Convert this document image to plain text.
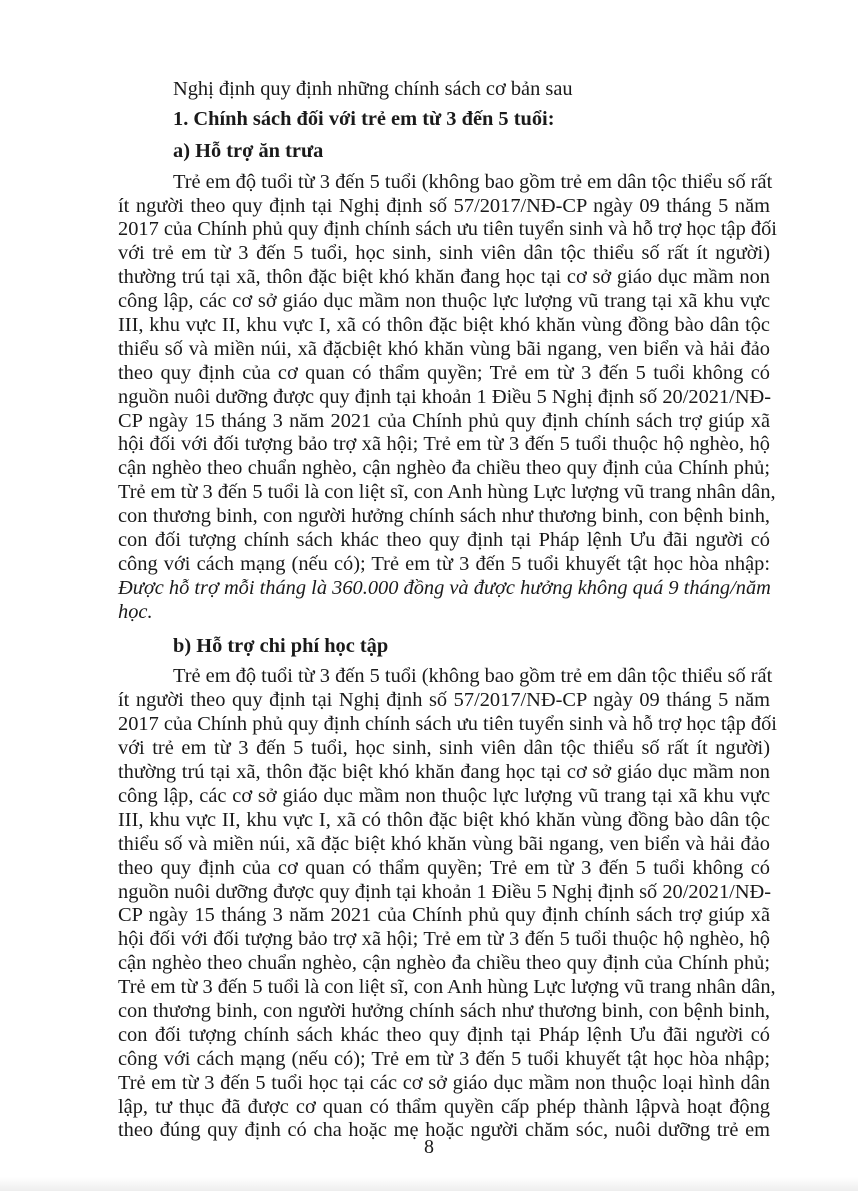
Nghị định quy định những chính sách cơ bản sau
1. Chính sách đối với trẻ em từ 3 đến 5 tuổi:
a) Hỗ trợ ăn trưa
Trẻ em độ tuổi từ 3 đến 5 tuổi (không bao gồm trẻ em dân tộc thiểu số rất
ít người theo quy định tại Nghị định số 57/2017/NĐ-CP ngày 09 tháng 5 năm
2017 của Chính phủ quy định chính sách ưu tiên tuyển sinh và hỗ trợ học tập đối
với trẻ em từ 3 đến 5 tuổi, học sinh, sinh viên dân tộc thiểu số rất ít người)
thường trú tại xã, thôn đặc biệt khó khăn đang học tại cơ sở giáo dục mầm non
công lập, các cơ sở giáo dục mầm non thuộc lực lượng vũ trang tại xã khu vực
III, khu vực II, khu vực I, xã có thôn đặc biệt khó khăn vùng đồng bào dân tộc
thiểu số và miền núi, xã đặcbiệt khó khăn vùng bãi ngang, ven biển và hải đảo
theo quy định của cơ quan có thẩm quyền; Trẻ em từ 3 đến 5 tuổi không có
nguồn nuôi dưỡng được quy định tại khoản 1 Điều 5 Nghị định số 20/2021/NĐ-
CP ngày 15 tháng 3 năm 2021 của Chính phủ quy định chính sách trợ giúp xã
hội đối với đối tượng bảo trợ xã hội; Trẻ em từ 3 đến 5 tuổi thuộc hộ nghèo, hộ
cận nghèo theo chuẩn nghèo, cận nghèo đa chiều theo quy định của Chính phủ;
Trẻ em từ 3 đến 5 tuổi là con liệt sĩ, con Anh hùng Lực lượng vũ trang nhân dân,
con thương binh, con người hưởng chính sách như thương binh, con bệnh binh,
con đối tượng chính sách khác theo quy định tại Pháp lệnh Ưu đãi người có
công với cách mạng (nếu có); Trẻ em từ 3 đến 5 tuổi khuyết tật học hòa nhập:
Được hỗ trợ mỗi tháng là 360.000 đồng và được hưởng không quá 9 tháng/năm
học.
b) Hỗ trợ chi phí học tập
Trẻ em độ tuổi từ 3 đến 5 tuổi (không bao gồm trẻ em dân tộc thiểu số rất
ít người theo quy định tại Nghị định số 57/2017/NĐ-CP ngày 09 tháng 5 năm
2017 của Chính phủ quy định chính sách ưu tiên tuyển sinh và hỗ trợ học tập đối
với trẻ em từ 3 đến 5 tuổi, học sinh, sinh viên dân tộc thiểu số rất ít người)
thường trú tại xã, thôn đặc biệt khó khăn đang học tại cơ sở giáo dục mầm non
công lập, các cơ sở giáo dục mầm non thuộc lực lượng vũ trang tại xã khu vực
III, khu vực II, khu vực I, xã có thôn đặc biệt khó khăn vùng đồng bào dân tộc
thiểu số và miền núi, xã đặc biệt khó khăn vùng bãi ngang, ven biển và hải đảo
theo quy định của cơ quan có thẩm quyền; Trẻ em từ 3 đến 5 tuổi không có
nguồn nuôi dưỡng được quy định tại khoản 1 Điều 5 Nghị định số 20/2021/NĐ-
CP ngày 15 tháng 3 năm 2021 của Chính phủ quy định chính sách trợ giúp xã
hội đối với đối tượng bảo trợ xã hội; Trẻ em từ 3 đến 5 tuổi thuộc hộ nghèo, hộ
cận nghèo theo chuẩn nghèo, cận nghèo đa chiều theo quy định của Chính phủ;
Trẻ em từ 3 đến 5 tuổi là con liệt sĩ, con Anh hùng Lực lượng vũ trang nhân dân,
con thương binh, con người hưởng chính sách như thương binh, con bệnh binh,
con đối tượng chính sách khác theo quy định tại Pháp lệnh Ưu đãi người có
công với cách mạng (nếu có); Trẻ em từ 3 đến 5 tuổi khuyết tật học hòa nhập;
Trẻ em từ 3 đến 5 tuổi học tại các cơ sở giáo dục mầm non thuộc loại hình dân
lập, tư thục đã được cơ quan có thẩm quyền cấp phép thành lậpvà hoạt động
theo đúng quy định có cha hoặc mẹ hoặc người chăm sóc, nuôi dưỡng trẻ em
8
